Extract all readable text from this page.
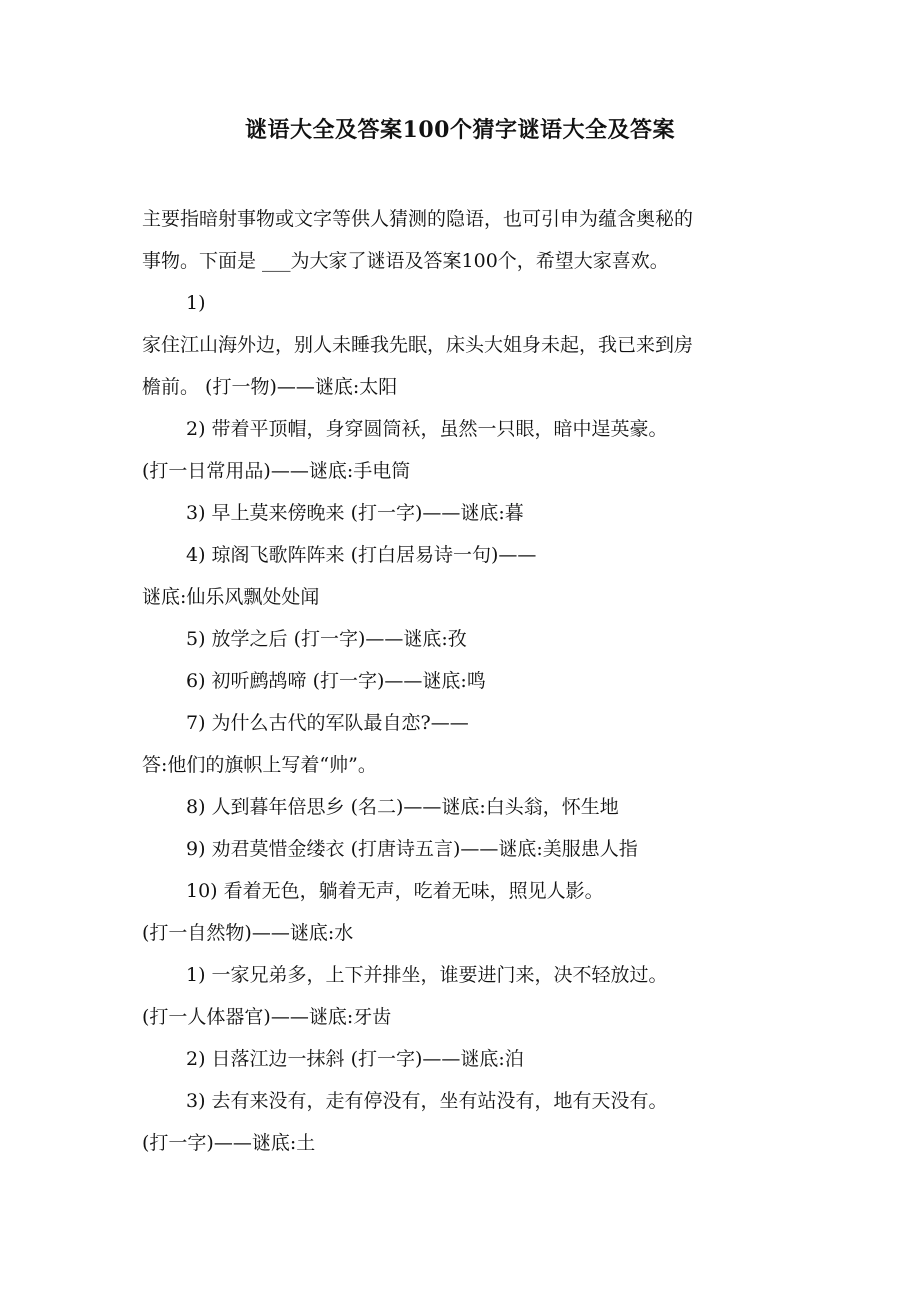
谜语大全及答案100个猜字谜语大全及答案
主要指暗射事物或文字等供人猜测的隐语，也可引申为蕴含奥秘的
事物。下面是 ___为大家了谜语及答案100个，希望大家喜欢。
1)
家住江山海外边，别人未睡我先眠，床头大姐身未起，我已来到房
檐前。 (打一物)——谜底:太阳
2) 带着平顶帽，身穿圆筒袄，虽然一只眼，暗中逞英豪。
(打一日常用品)——谜底:手电筒
3) 早上莫来傍晚来 (打一字)——谜底:暮
4) 琼阁飞歌阵阵来 (打白居易诗一句)——
谜底:仙乐风飘处处闻
5) 放学之后 (打一字)——谜底:孜
6) 初听鹧鸪啼 (打一字)——谜底:鸣
7) 为什么古代的军队最自恋?——
答:他们的旗帜上写着“帅”。
8) 人到暮年倍思乡 (名二)——谜底:白头翁，怀生地
9) 劝君莫惜金缕衣 (打唐诗五言)——谜底:美服患人指
10) 看着无色，躺着无声，吃着无味，照见人影。
(打一自然物)——谜底:水
1) 一家兄弟多，上下并排坐，谁要进门来，决不轻放过。
(打一人体器官)——谜底:牙齿
2) 日落江边一抹斜 (打一字)——谜底:泊
3) 去有来没有，走有停没有，坐有站没有，地有天没有。
(打一字)——谜底:土
